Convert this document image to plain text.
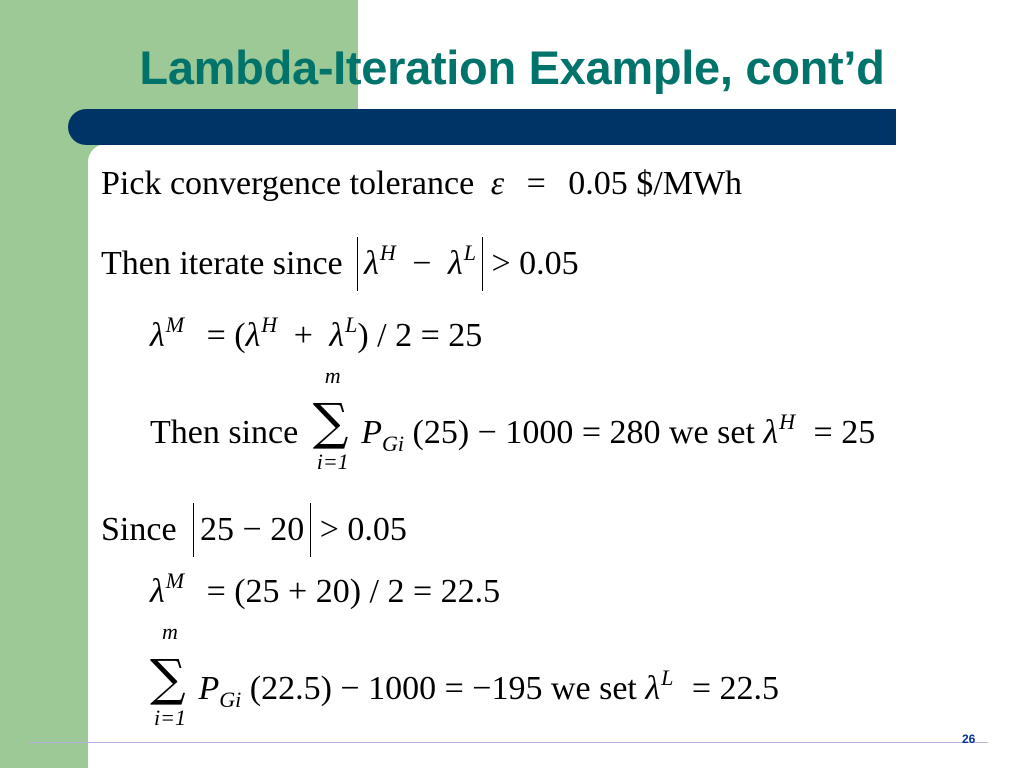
Lambda-Iteration Example, cont’d
Pick convergence tolerance ε = 0.05 $/MWh
Then iterate since $\lambda^H - \lambda^L > 0.05$
$\lambda^M = (\lambda^H + \lambda^L) / 2 = 25$
Then since
m
∑
i=1
$P_{Gi}$ (25) − 1000 = 280 we set $\lambda^H = 25$
Since 25 − 20 > 0.05
$\lambda^M = (25 + 20) / 2 = 22.5$
m
∑
i=1
$P_{Gi}$ (22.5) − 1000 = −195 we set $\lambda^L = 22.5$
26
